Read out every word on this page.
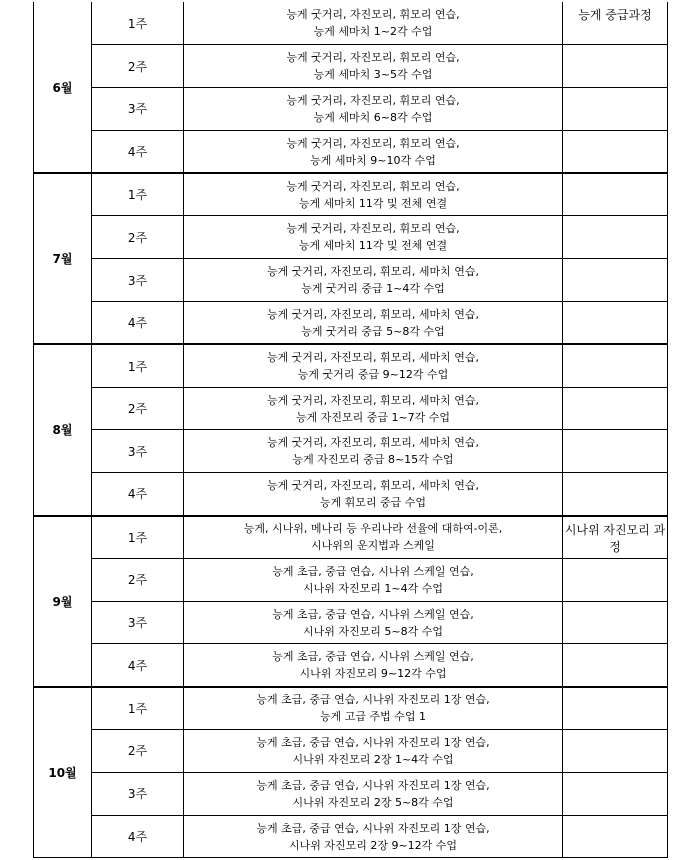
6월	1주	능게 굿거리, 자진모리, 휘모리 연습,
능게 세마치 1~2각 수업	능게 중급과정
	2주	능게 굿거리, 자진모리, 휘모리 연습,
능게 세마치 3~5각 수업	

	3주	능게 굿거리, 자진모리, 휘모리 연습,
능게 세마치 6~8각 수업	

	4주	능게 굿거리, 자진모리, 휘모리 연습,
능게 세마치 9~10각 수업	

7월	1주	능게 굿거리, 자진모리, 휘모리 연습,
능게 세마치 11각 및 전체 연결	

	2주	능게 굿거리, 자진모리, 휘모리 연습,
능게 세마치 11각 및 전체 연결	

	3주	능게 굿거리, 자진모리, 휘모리, 세마치 연습,
능게 굿거리 중급 1~4각 수업	

	4주	능게 굿거리, 자진모리, 휘모리, 세마치 연습,
능게 굿거리 중급 5~8각 수업	

8월	1주	능게 굿거리, 자진모리, 휘모리, 세마치 연습,
능게 굿거리 중급 9~12각 수업	

	2주	능게 굿거리, 자진모리, 휘모리, 세마치 연습,
능게 자진모리 중급 1~7각 수업	

	3주	능게 굿거리, 자진모리, 휘모리, 세마치 연습,
능게 자진모리 중급 8~15각 수업	

	4주	능게 굿거리, 자진모리, 휘모리, 세마치 연습,
능게 휘모리 중급 수업	

9월	1주	능게, 시나위, 메나리 등 우리나라 선율에 대하여-이론,
시나위의 운지법과 스케일	시나위 자진모리 과정
	2주	능게 초급, 중급 연습, 시나위 스케일 연습,
시나위 자진모리 1~4각 수업	

	3주	능게 초급, 중급 연습, 시나위 스케일 연습,
시나위 자진모리 5~8각 수업	

	4주	능게 초급, 중급 연습, 시나위 스케일 연습,
시나위 자진모리 9~12각 수업	

10월	1주	능게 초급, 중급 연습, 시나위 자진모리 1장 연습,
능게 고급 주법 수업 1	

	2주	능게 초급, 중급 연습, 시나위 자진모리 1장 연습,
시나위 자진모리 2장 1~4각 수업	

	3주	능게 초급, 중급 연습, 시나위 자진모리 1장 연습,
시나위 자진모리 2장 5~8각 수업	

	4주	능게 초급, 중급 연습, 시나위 자진모리 1장 연습,
시나위 자진모리 2장 9~12각 수업	
